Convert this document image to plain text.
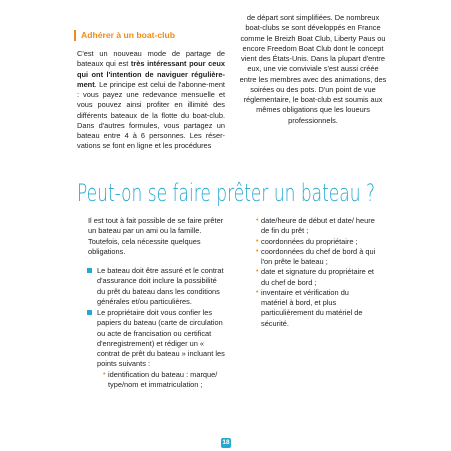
Adhérer à un boat-club

C'est un nouveau mode de partage de bateaux qui est très intéressant pour ceux qui ont l'intention de naviguer régulière-ment. Le principe est celui de l'abonne-ment : vous payez une redevance mensuelle et vous pouvez ainsi profiter en illimité des différents bateaux de la flotte du boat-club. Dans d'autres formules, vous partagez un bateau entre 4 à 6 personnes. Les réser-vations se font en ligne et les procédures

de départ sont simplifiées. De nombreux boat-clubs se sont développés en France comme le Breizh Boat Club, Liberty Paus ou encore Freedom Boat Club dont le concept vient des États-Unis. Dans la plupart d'entre eux, une vie conviviale s'est aussi créée entre les membres avec des animations, des soirées ou des pots. D'un point de vue réglementaire, le boat-club est soumis aux mêmes obligations que les loueurs professionnels.

Peut-on se faire prêter un bateau ?

Il est tout à fait possible de se faire prêter un bateau par un ami ou la famille. Toutefois, cela nécessite quelques obligations.

Le bateau doit être assuré et le contrat d'assurance doit inclure la possibilité du prêt du bateau dans les conditions générales et/ou particulières.
Le propriétaire doit vous confier les papiers du bateau (carte de circulation ou acte de francisation ou certificat d'enregistrement) et rédiger un « contrat de prêt du bateau » incluant les points suivants :
• identification du bateau : marque/ type/nom et immatriculation ;
• date/heure de début et date/ heure de fin du prêt ;
• coordonnées du propriétaire ;
• coordonnées du chef de bord à qui l'on prête le bateau ;
• date et signature du propriétaire et du chef de bord ;
• inventaire et vérification du matériel à bord, et plus particulièrement du matériel de sécurité.
18
